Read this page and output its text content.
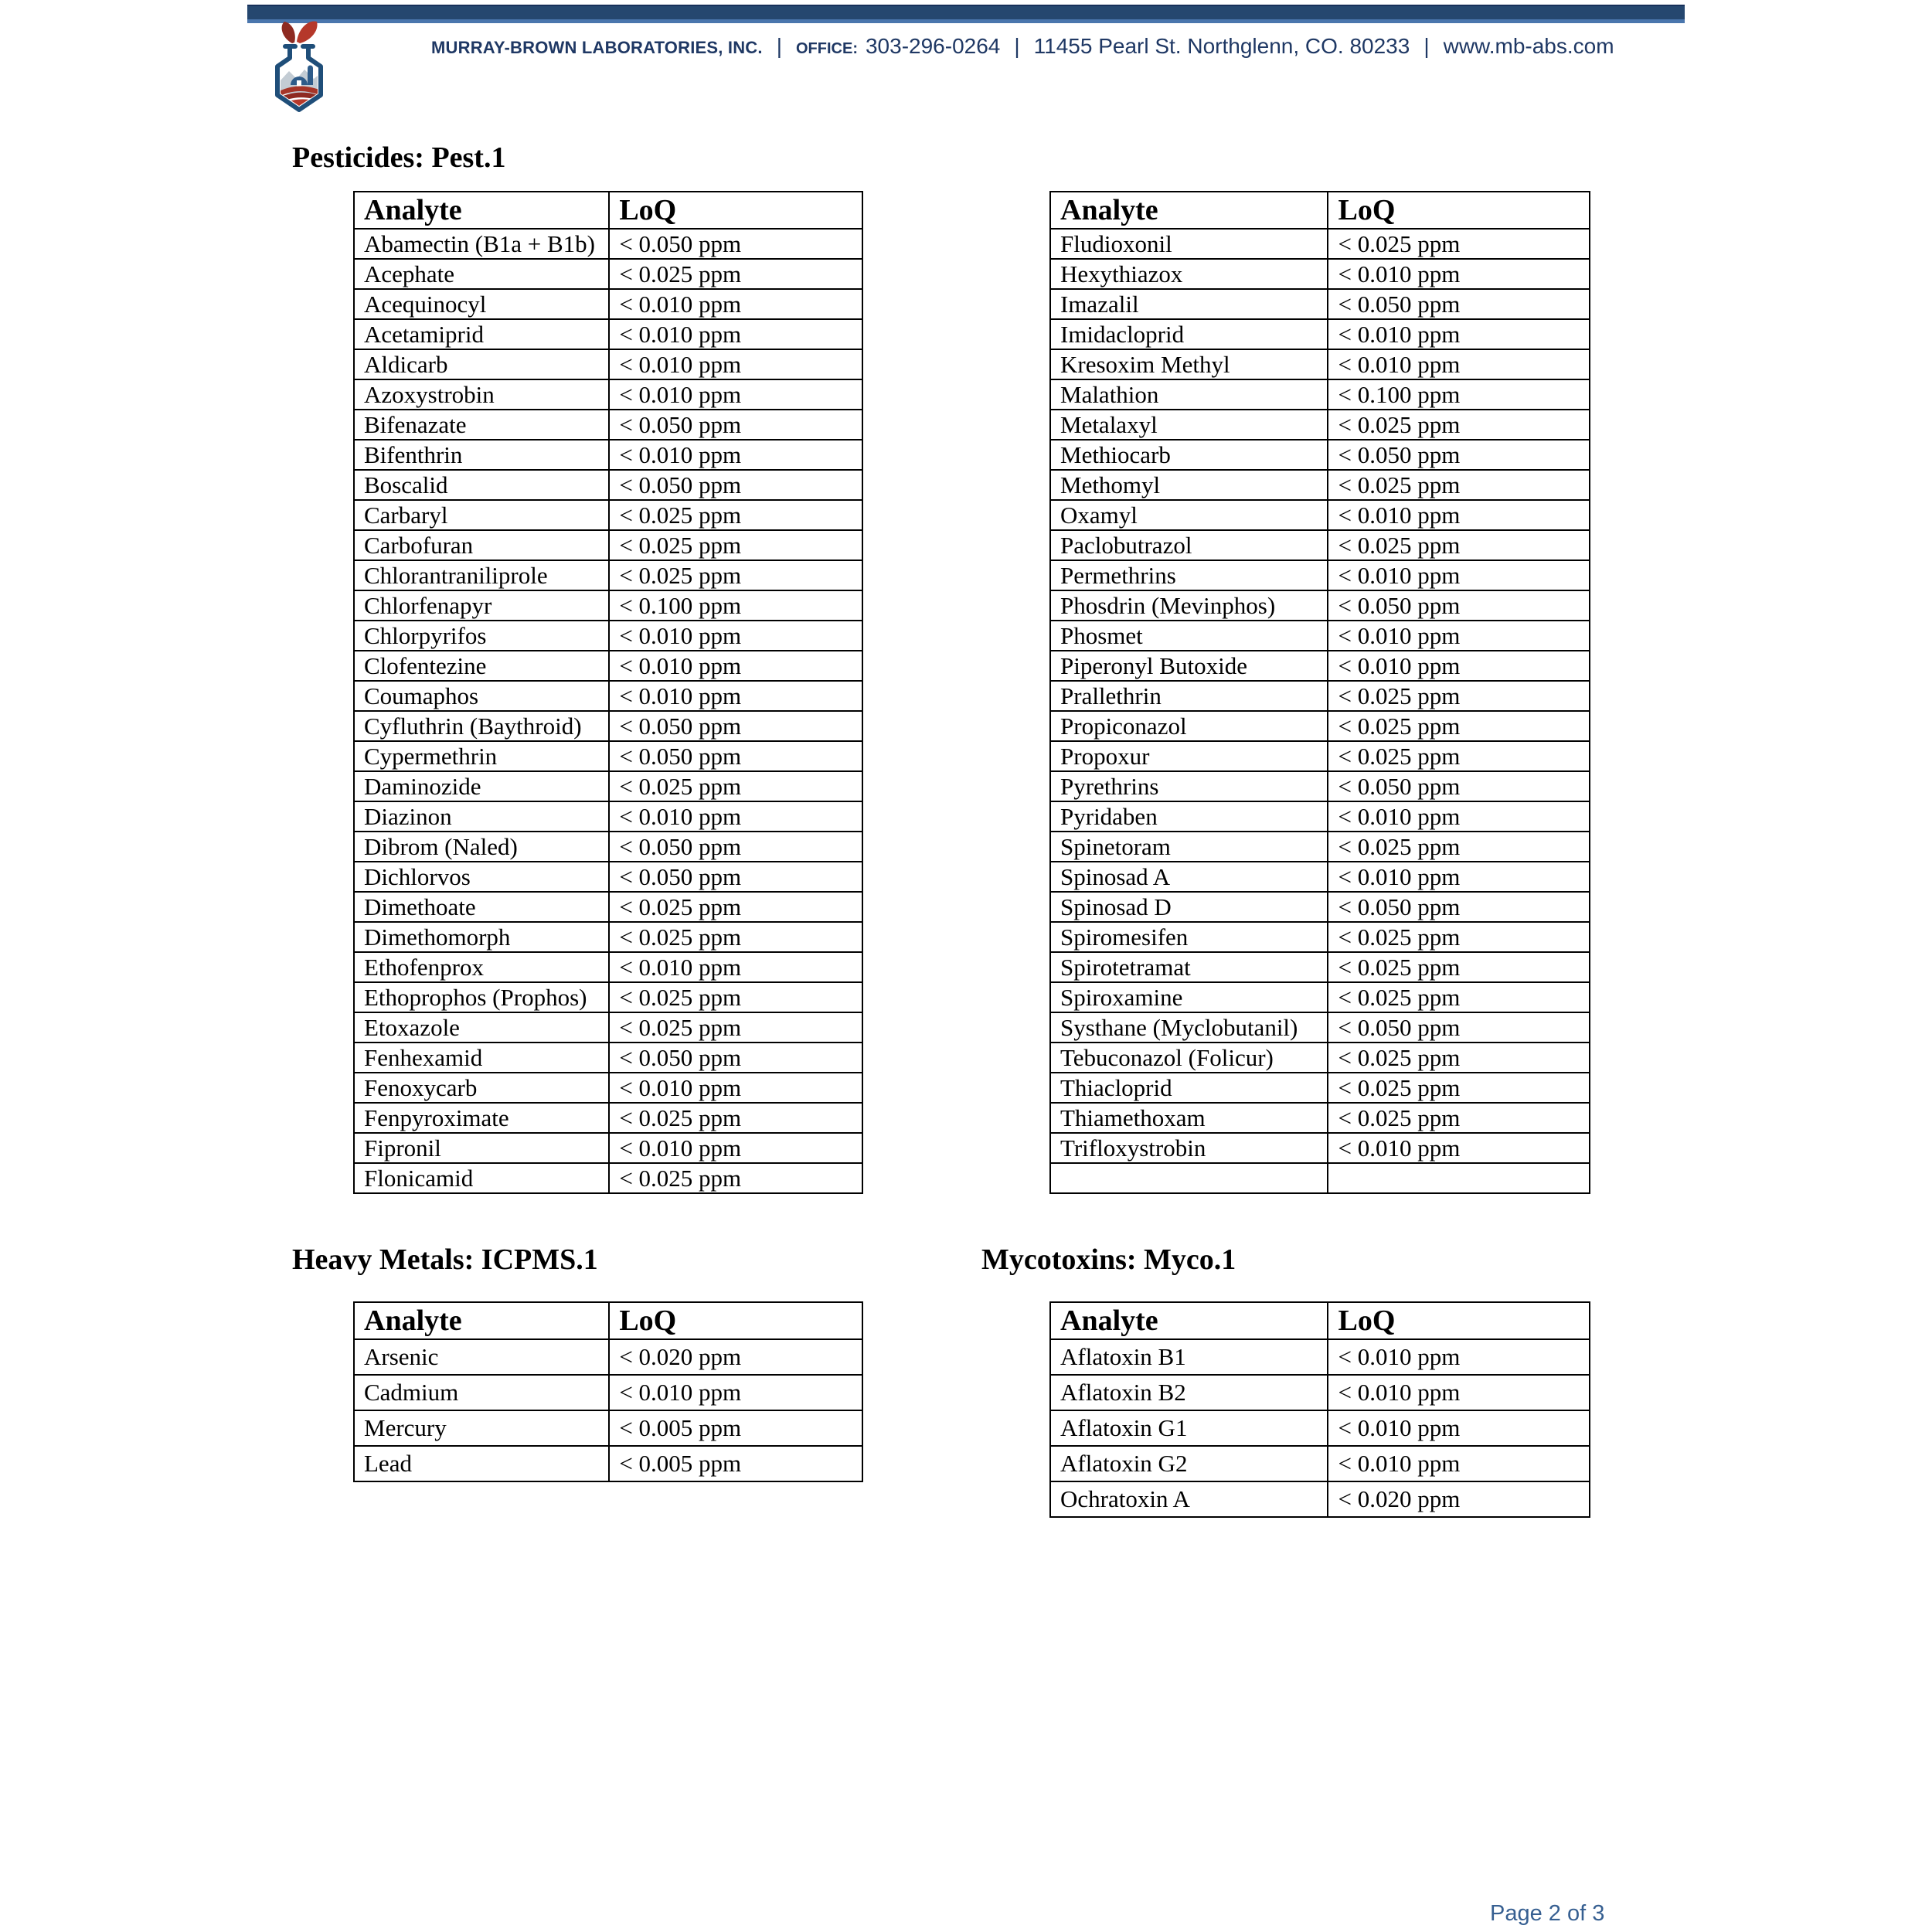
MURRAY-BROWN LABORATORIES, INC. | OFFICE: 303-296-0264 | 11455 Pearl St. Northglenn, CO. 80233 | www.mb-abs.com
Pesticides: Pest.1
Heavy Metals: ICPMS.1	Mycotoxins: Myco.1
Analyte	LoQ
Abamectin (B1a + B1b)	< 0.050 ppm
Acephate	< 0.025 ppm
Acequinocyl	< 0.010 ppm
Acetamiprid	< 0.010 ppm
Aldicarb	< 0.010 ppm
Azoxystrobin	< 0.010 ppm
Bifenazate	< 0.050 ppm
Bifenthrin	< 0.010 ppm
Boscalid	< 0.050 ppm
Carbaryl	< 0.025 ppm
Carbofuran	< 0.025 ppm
Chlorantraniliprole	< 0.025 ppm
Chlorfenapyr	< 0.100 ppm
Chlorpyrifos	< 0.010 ppm
Clofentezine	< 0.010 ppm
Coumaphos	< 0.010 ppm
Cyfluthrin (Baythroid)	< 0.050 ppm
Cypermethrin	< 0.050 ppm
Daminozide	< 0.025 ppm
Diazinon	< 0.010 ppm
Dibrom (Naled)	< 0.050 ppm
Dichlorvos	< 0.050 ppm
Dimethoate	< 0.025 ppm
Dimethomorph	< 0.025 ppm
Ethofenprox	< 0.010 ppm
Ethoprophos (Prophos)	< 0.025 ppm
Etoxazole	< 0.025 ppm
Fenhexamid	< 0.050 ppm
Fenoxycarb	< 0.010 ppm
Fenpyroximate	< 0.025 ppm
Fipronil	< 0.010 ppm
Flonicamid	< 0.025 ppm
Analyte	LoQ
Fludioxonil	< 0.025 ppm
Hexythiazox	< 0.010 ppm
Imazalil	< 0.050 ppm
Imidacloprid	< 0.010 ppm
Kresoxim Methyl	< 0.010 ppm
Malathion	< 0.100 ppm
Metalaxyl	< 0.025 ppm
Methiocarb	< 0.050 ppm
Methomyl	< 0.025 ppm
Oxamyl	< 0.010 ppm
Paclobutrazol	< 0.025 ppm
Permethrins	< 0.010 ppm
Phosdrin (Mevinphos)	< 0.050 ppm
Phosmet	< 0.010 ppm
Piperonyl Butoxide	< 0.010 ppm
Prallethrin	< 0.025 ppm
Propiconazol	< 0.025 ppm
Propoxur	< 0.025 ppm
Pyrethrins	< 0.050 ppm
Pyridaben	< 0.010 ppm
Spinetoram	< 0.025 ppm
Spinosad A	< 0.010 ppm
Spinosad D	< 0.050 ppm
Spiromesifen	< 0.025 ppm
Spirotetramat	< 0.025 ppm
Spiroxamine	< 0.025 ppm
Systhane (Myclobutanil)	< 0.050 ppm
Tebuconazol (Folicur)	< 0.025 ppm
Thiacloprid	< 0.025 ppm
Thiamethoxam	< 0.025 ppm
Trifloxystrobin	< 0.010 ppm

Analyte	LoQ
Arsenic	< 0.020 ppm
Cadmium	< 0.010 ppm
Mercury	< 0.005 ppm
Lead	< 0.005 ppm
Analyte	LoQ
Aflatoxin B1	< 0.010 ppm
Aflatoxin B2	< 0.010 ppm
Aflatoxin G1	< 0.010 ppm
Aflatoxin G2	< 0.010 ppm
Ochratoxin A	< 0.020 ppm
Page 2 of 3
